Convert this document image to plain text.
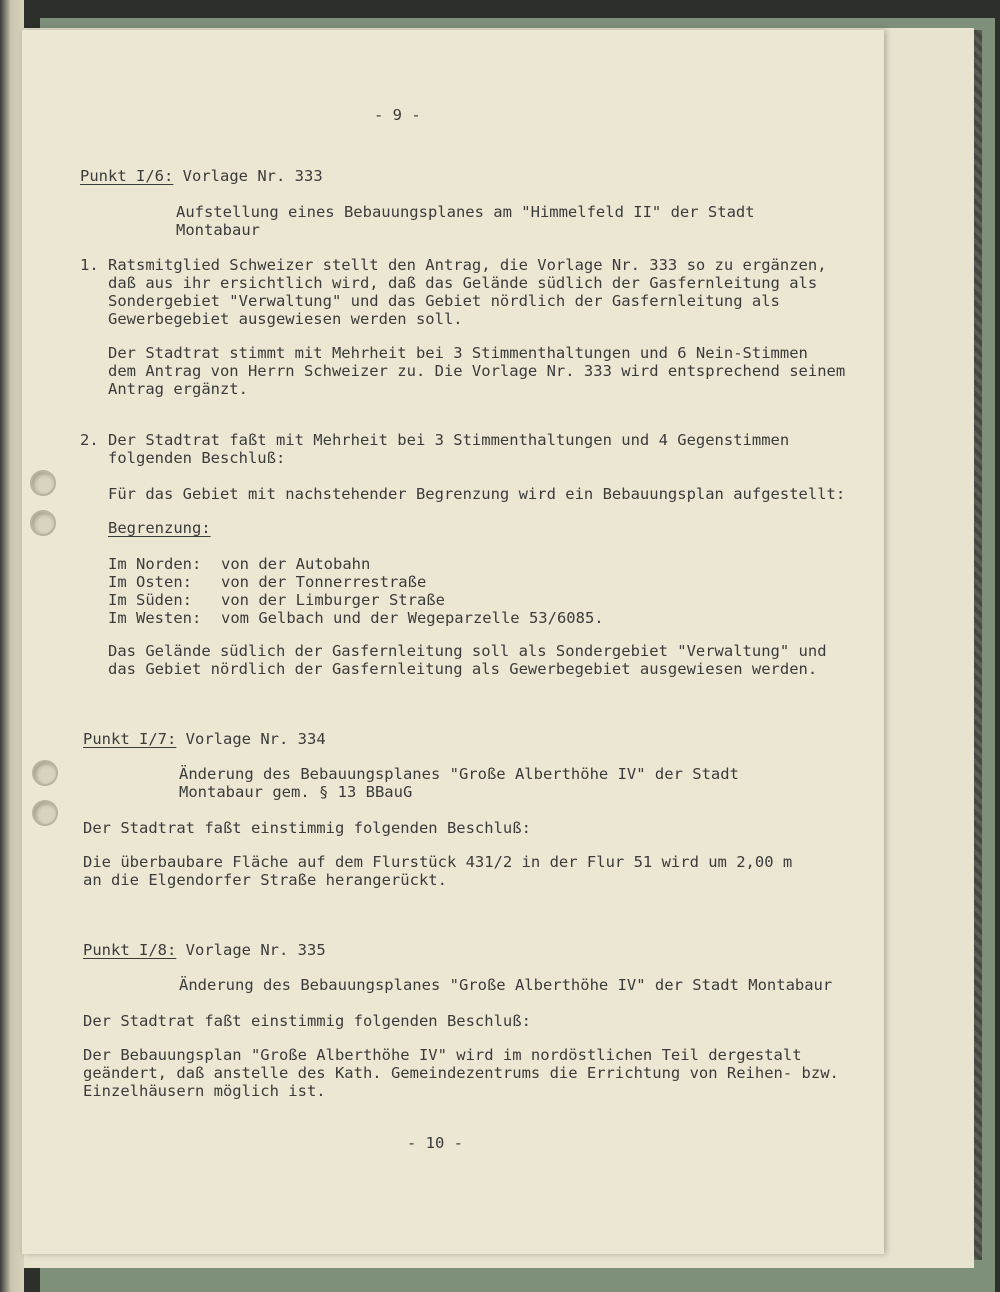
- 9 -
Punkt I/6: Vorlage Nr. 333
Aufstellung eines Bebauungsplanes am "Himmelfeld II" der Stadt
Montabaur
1. Ratsmitglied Schweizer stellt den Antrag, die Vorlage Nr. 333 so zu ergänzen,
daß aus ihr ersichtlich wird, daß das Gelände südlich der Gasfernleitung als
Sondergebiet "Verwaltung" und das Gebiet nördlich der Gasfernleitung als
Gewerbegebiet ausgewiesen werden soll.
Der Stadtrat stimmt mit Mehrheit bei 3 Stimmenthaltungen und 6 Nein-Stimmen
dem Antrag von Herrn Schweizer zu. Die Vorlage Nr. 333 wird entsprechend seinem
Antrag ergänzt.
2. Der Stadtrat faßt mit Mehrheit bei 3 Stimmenthaltungen und 4 Gegenstimmen
folgenden Beschluß:
Für das Gebiet mit nachstehender Begrenzung wird ein Bebauungsplan aufgestellt:
Begrenzung:
Im Norden: von der Autobahn
Im Osten: von der Tonnerrestraße
Im Süden: von der Limburger Straße
Im Westen: vom Gelbach und der Wegeparzelle 53/6085.
Das Gelände südlich der Gasfernleitung soll als Sondergebiet "Verwaltung" und
das Gebiet nördlich der Gasfernleitung als Gewerbegebiet ausgewiesen werden.
Punkt I/7: Vorlage Nr. 334
Änderung des Bebauungsplanes "Große Alberthöhe IV" der Stadt
Montabaur gem. § 13 BBauG
Der Stadtrat faßt einstimmig folgenden Beschluß:
Die überbaubare Fläche auf dem Flurstück 431/2 in der Flur 51 wird um 2,00 m
an die Elgendorfer Straße herangerückt.
Punkt I/8: Vorlage Nr. 335
Änderung des Bebauungsplanes "Große Alberthöhe IV" der Stadt Montabaur
Der Stadtrat faßt einstimmig folgenden Beschluß:
Der Bebauungsplan "Große Alberthöhe IV" wird im nordöstlichen Teil dergestalt
geändert, daß anstelle des Kath. Gemeindezentrums die Errichtung von Reihen- bzw.
Einzelhäusern möglich ist.
- 10 -
